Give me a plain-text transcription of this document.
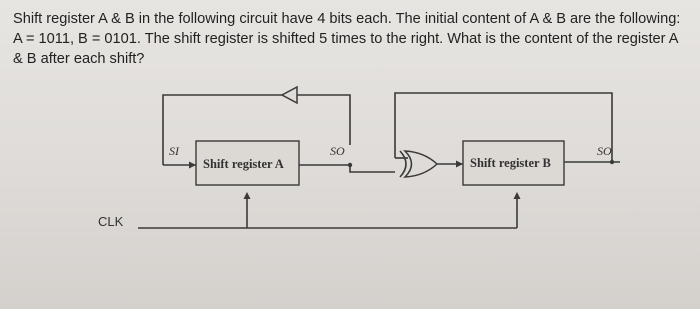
Shift register A & B in the following circuit have 4 bits each. The initial content of A & B are the following: A = 1011, B = 0101. The shift register is shifted 5 times to the right. What is the content of the register A & B after each shift?

Shift register A
SI	SO
Shift register B
SO
CLK
